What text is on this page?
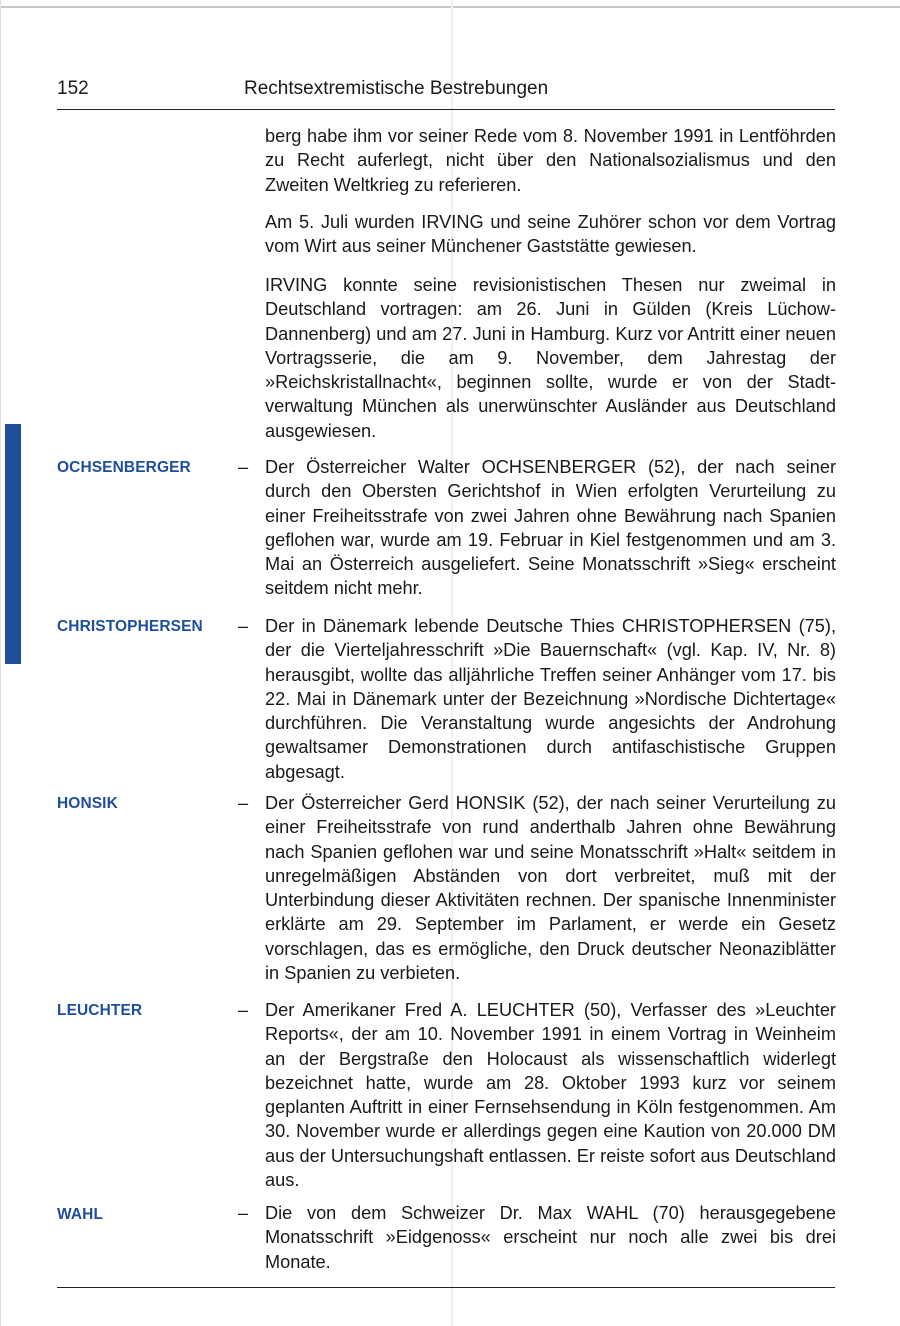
152	Rechtsextremistische Bestrebungen

berg habe ihm vor seiner Rede vom 8. November 1991 in Lentföhrden zu Recht auferlegt, nicht über den Nationalsozialismus und den Zweiten Weltkrieg zu referieren.

Am 5. Juli wurden IRVING und seine Zuhörer schon vor dem Vortrag vom Wirt aus seiner Münchener Gaststätte gewiesen.

IRVING konnte seine revisionistischen Thesen nur zweimal in Deutschland vortragen: am 26. Juni in Gülden (Kreis Lüchow-Dannenberg) und am 27. Juni in Hamburg. Kurz vor Antritt einer neuen Vortragsserie, die am 9. November, dem Jahrestag der »Reichskristallnacht«, beginnen sollte, wurde er von der Stadtverwaltung München als unerwünschter Ausländer aus Deutschland ausgewiesen.

OCHSENBERGER	– Der Österreicher Walter OCHSENBERGER (52), der nach seiner durch den Obersten Gerichtshof in Wien erfolgten Verurteilung zu einer Freiheitsstrafe von zwei Jahren ohne Bewährung nach Spanien geflohen war, wurde am 19. Februar in Kiel festgenommen und am 3. Mai an Österreich ausgeliefert. Seine Monatsschrift »Sieg« erscheint seitdem nicht mehr.

CHRISTOPHERSEN – Der in Dänemark lebende Deutsche Thies CHRISTOPHERSEN (75), der die Vierteljahresschrift »Die Bauernschaft« (vgl. Kap. IV, Nr. 8) herausgibt, wollte das alljährliche Treffen seiner Anhänger vom 17. bis 22. Mai in Dänemark unter der Bezeichnung »Nordische Dichtertage« durchführen. Die Veranstaltung wurde angesichts der Androhung gewaltsamer Demonstrationen durch antifaschistische Gruppen abgesagt.

HONSIK	– Der Österreicher Gerd HONSIK (52), der nach seiner Verurteilung zu einer Freiheitsstrafe von rund anderthalb Jahren ohne Bewährung nach Spanien geflohen war und seine Monatsschrift »Halt« seitdem in unregelmäßigen Abständen von dort verbreitet, muß mit der Unterbindung dieser Aktivitäten rechnen. Der spanische Innenminister erklärte am 29. September im Parlament, er werde ein Gesetz vorschlagen, das es ermögliche, den Druck deutscher Neonaziblätter in Spanien zu verbieten.

LEUCHTER	– Der Amerikaner Fred A. LEUCHTER (50), Verfasser des »Leuchter Reports«, der am 10. November 1991 in einem Vortrag in Weinheim an der Bergstraße den Holocaust als wissenschaftlich widerlegt bezeichnet hatte, wurde am 28. Oktober 1993 kurz vor seinem geplanten Auftritt in einer Fernsehsendung in Köln festgenommen. Am 30. November wurde er allerdings gegen eine Kaution von 20.000 DM aus der Untersuchungshaft entlassen. Er reiste sofort aus Deutschland aus.

WAHL	– Die von dem Schweizer Dr. Max WAHL (70) herausgegebene Monatsschrift »Eidgenoss« erscheint nur noch alle zwei bis drei Monate.
